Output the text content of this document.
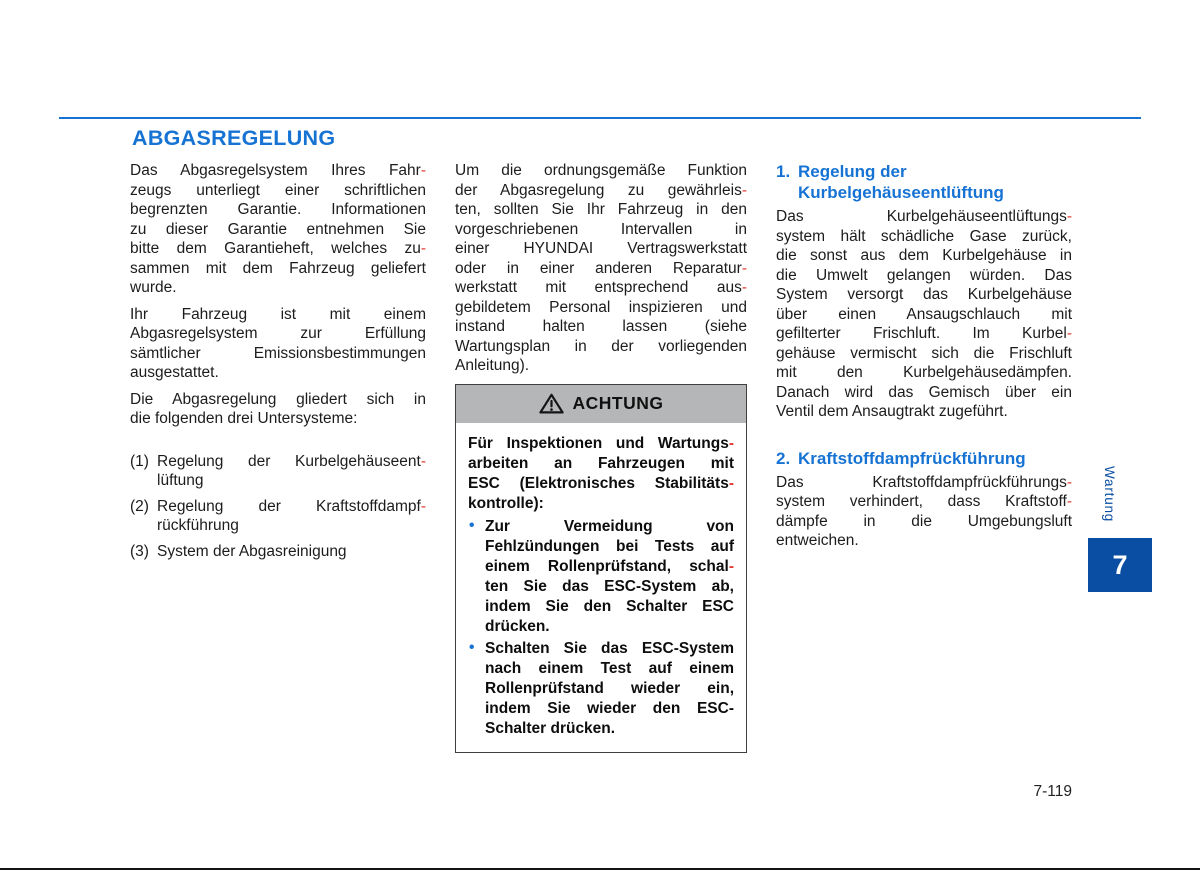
ABGASREGELUNG
Das Abgasregelsystem Ihres Fahr-
zeugs unterliegt einer schriftlichen
begrenzten Garantie. Informationen
zu dieser Garantie entnehmen Sie
bitte dem Garantieheft, welches zu-
sammen mit dem Fahrzeug geliefert
wurde.
Ihr Fahrzeug ist mit einem
Abgasregelsystem zur Erfüllung
sämtlicher Emissionsbestimmungen
ausgestattet.
Die Abgasregelung gliedert sich in
die folgenden drei Untersysteme:
(1) Regelung der Kurbelgehäuseent-
lüftung
(2) Regelung der Kraftstoffdampf-
rückführung
(3) System der Abgasreinigung
Um die ordnungsgemäße Funktion
der Abgasregelung zu gewährleis-
ten, sollten Sie Ihr Fahrzeug in den
vorgeschriebenen Intervallen in
einer HYUNDAI Vertragswerkstatt
oder in einer anderen Reparatur-
werkstatt mit entsprechend aus-
gebildetem Personal inspizieren und
instand halten lassen (siehe
Wartungsplan in der vorliegenden
Anleitung).
ACHTUNG
Für Inspektionen und Wartungs-
arbeiten an Fahrzeugen mit
ESC (Elektronisches Stabilitäts-
kontrolle):
• Zur Vermeidung von
Fehlzündungen bei Tests auf
einem Rollenprüfstand, schal-
ten Sie das ESC-System ab,
indem Sie den Schalter ESC
drücken.
• Schalten Sie das ESC-System
nach einem Test auf einem
Rollenprüfstand wieder ein,
indem Sie wieder den ESC-
Schalter drücken.
1. Regelung der
Kurbelgehäuseentlüftung
Das Kurbelgehäuseentlüftungs-
system hält schädliche Gase zurück,
die sonst aus dem Kurbelgehäuse in
die Umwelt gelangen würden. Das
System versorgt das Kurbelgehäuse
über einen Ansaugschlauch mit
gefilterter Frischluft. Im Kurbel-
gehäuse vermischt sich die Frischluft
mit den Kurbelgehäusedämpfen.
Danach wird das Gemisch über ein
Ventil dem Ansaugtrakt zugeführt.
2. Kraftstoffdampfrückführung
Das Kraftstoffdampfrückführungs-
system verhindert, dass Kraftstoff-
dämpfe in die Umgebungsluft
entweichen.
Wartung
7
7-119
